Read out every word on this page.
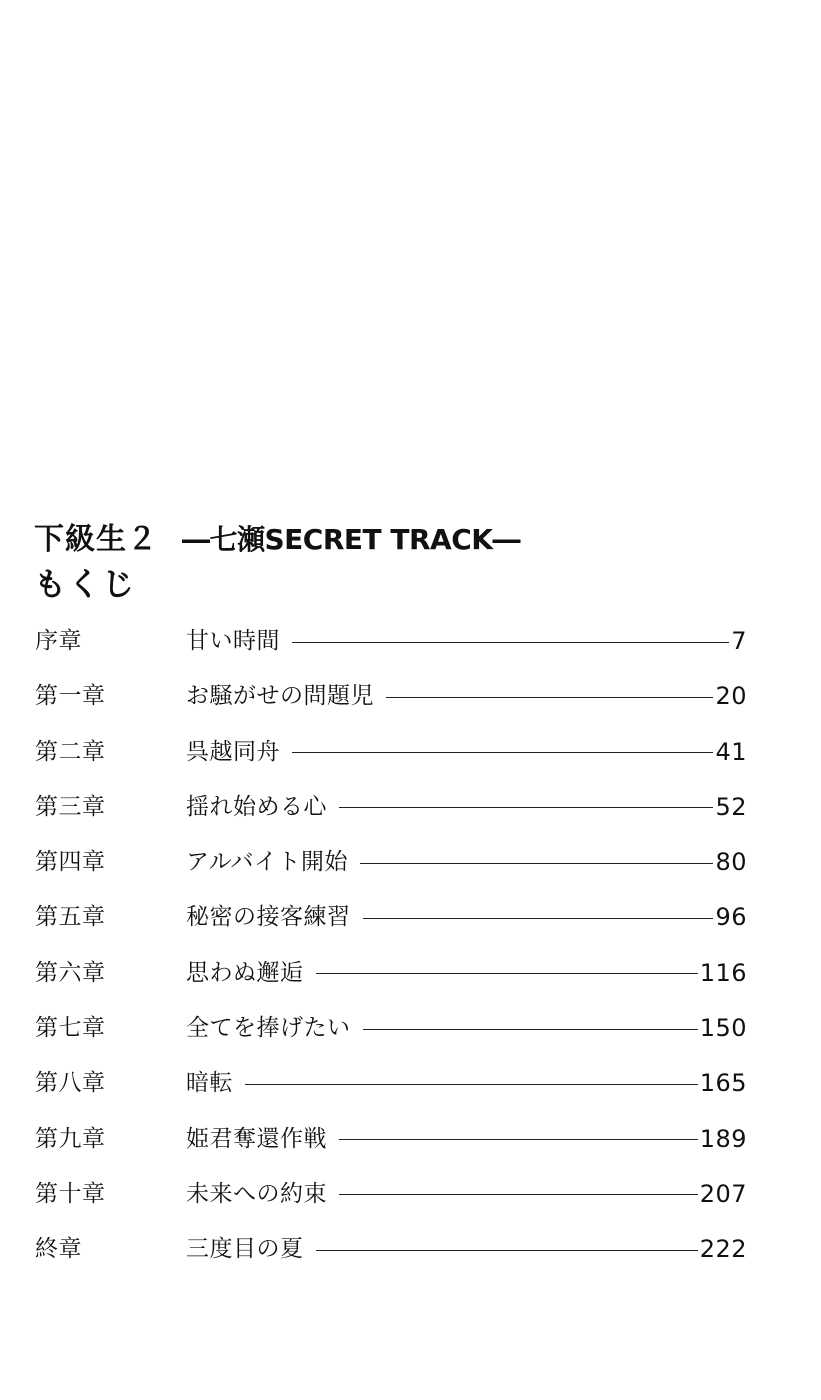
下級生２ ―七瀬SECRET TRACK―
もくじ
序章	甘い時間	7
第一章	お騒がせの問題児	20
第二章	呉越同舟	41
第三章	揺れ始める心	52
第四章	アルバイト開始	80
第五章	秘密の接客練習	96
第六章	思わぬ邂逅	116
第七章	全てを捧げたい	150
第八章	暗転	165
第九章	姫君奪還作戦	189
第十章	未来への約束	207
終章	三度目の夏	222
